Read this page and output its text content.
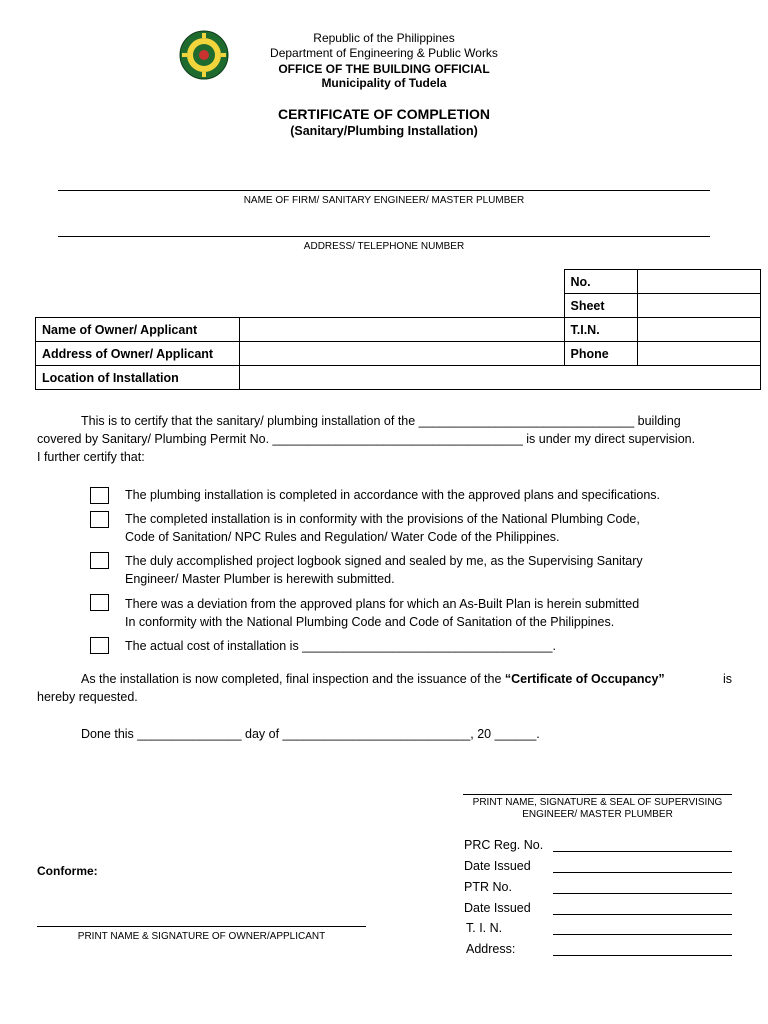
Republic of the Philippines
Department of Engineering & Public Works
OFFICE OF THE BUILDING OFFICIAL
Municipality of Tudela
CERTIFICATE OF COMPLETION
(Sanitary/Plumbing Installation)
NAME OF FIRM/ SANITARY ENGINEER/ MASTER PLUMBER
ADDRESS/ TELEPHONE NUMBER
		No.	
		Sheet	
Name of Owner/ Applicant		T.I.N.	
Address of Owner/ Applicant		Phone	
Location of Installation			
This is to certify that the sanitary/ plumbing installation of the _______________________________ building
covered by Sanitary/ Plumbing Permit No. ____________________________________ is under my direct supervision.
I further certify that:
The plumbing installation is completed in accordance with the approved plans and specifications.
The completed installation is in conformity with the provisions of the National Plumbing Code,
Code of Sanitation/ NPC Rules and Regulation/ Water Code of the Philippines.
The duly accomplished project logbook signed and sealed by me, as the Supervising Sanitary
Engineer/ Master Plumber is herewith submitted.
There was a deviation from the approved plans for which an As-Built Plan is herein submitted
In conformity with the National Plumbing Code and Code of Sanitation of the Philippines.
The actual cost of installation is ____________________________________.
As the installation is now completed, final inspection and the issuance of the “Certificate of Occupancy”	is
hereby requested.
Done this _______________ day of ___________________________, 20 ______.
PRINT NAME, SIGNATURE & SEAL OF SUPERVISING
ENGINEER/ MASTER PLUMBER
PRC Reg. No.
Date Issued
PTR No.
Date Issued
T. I. N.
Address:
Conforme:
PRINT NAME & SIGNATURE OF OWNER/APPLICANT
